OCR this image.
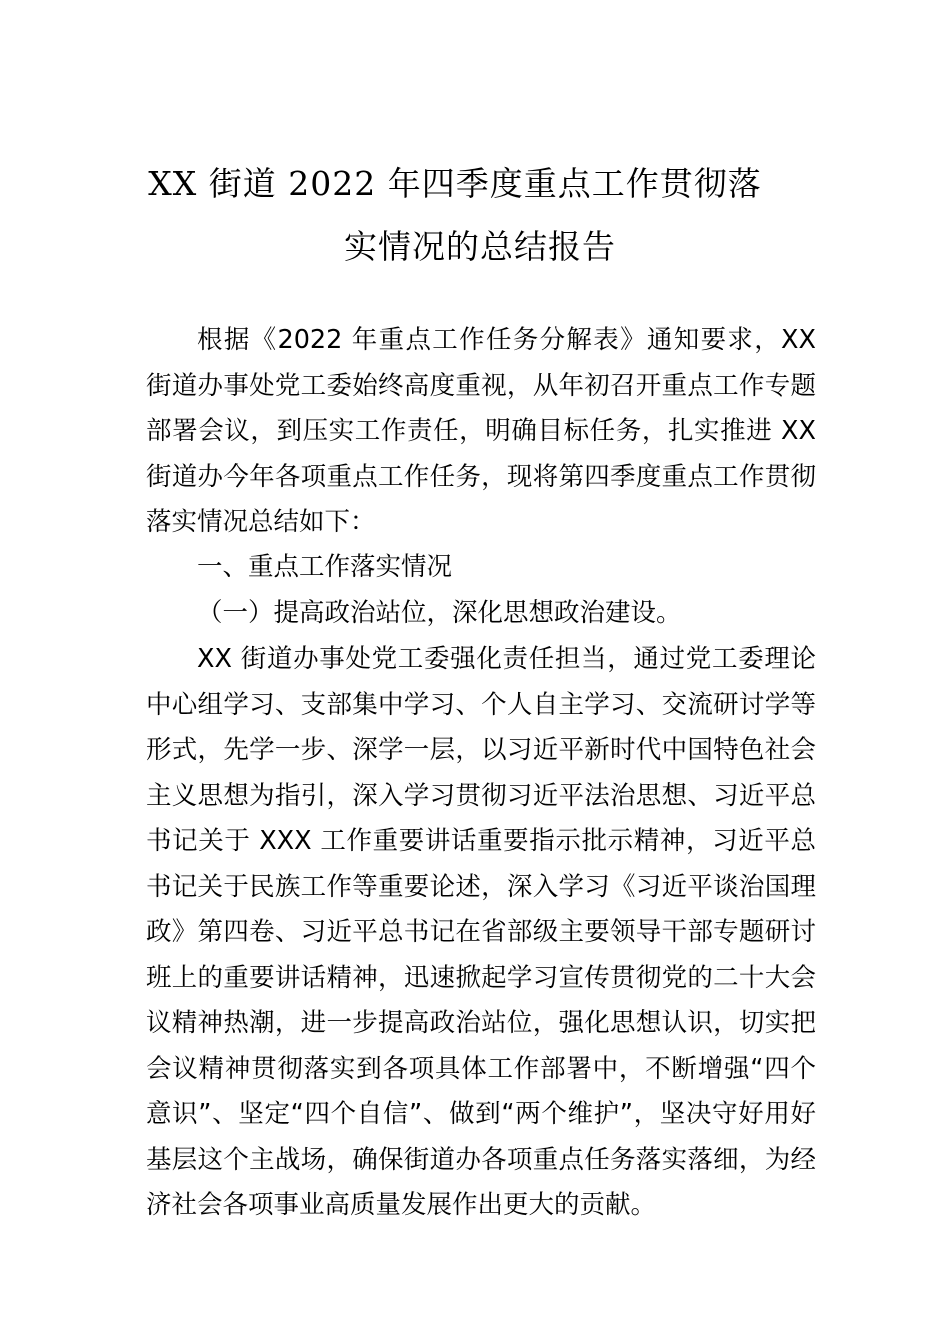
XX 街道 2022 年四季度重点工作贯彻落
实情况的总结报告
根据《2022 年重点工作任务分解表》通知要求，XX 街道办事处党工委始终高度重视，从年初召开重点工作专题部署会议，到压实工作责任，明确目标任务，扎实推进 XX 街道办今年各项重点工作任务，现将第四季度重点工作贯彻落实情况总结如下：
一、重点工作落实情况
（一）提高政治站位，深化思想政治建设。
XX 街道办事处党工委强化责任担当，通过党工委理论中心组学习、支部集中学习、个人自主学习、交流研讨学等形式，先学一步、深学一层，以习近平新时代中国特色社会主义思想为指引，深入学习贯彻习近平法治思想、习近平总书记关于 XXX 工作重要讲话重要指示批示精神，习近平总书记关于民族工作等重要论述，深入学习《习近平谈治国理政》第四卷、习近平总书记在省部级主要领导干部专题研讨班上的重要讲话精神，迅速掀起学习宣传贯彻党的二十大会议精神热潮，进一步提高政治站位，强化思想认识，切实把会议精神贯彻落实到各项具体工作部署中，不断增强“四个意识”、坚定“四个自信”、做到“两个维护”，坚决守好用好基层这个主战场，确保街道办各项重点任务落实落细，为经济社会各项事业高质量发展作出更大的贡献。
